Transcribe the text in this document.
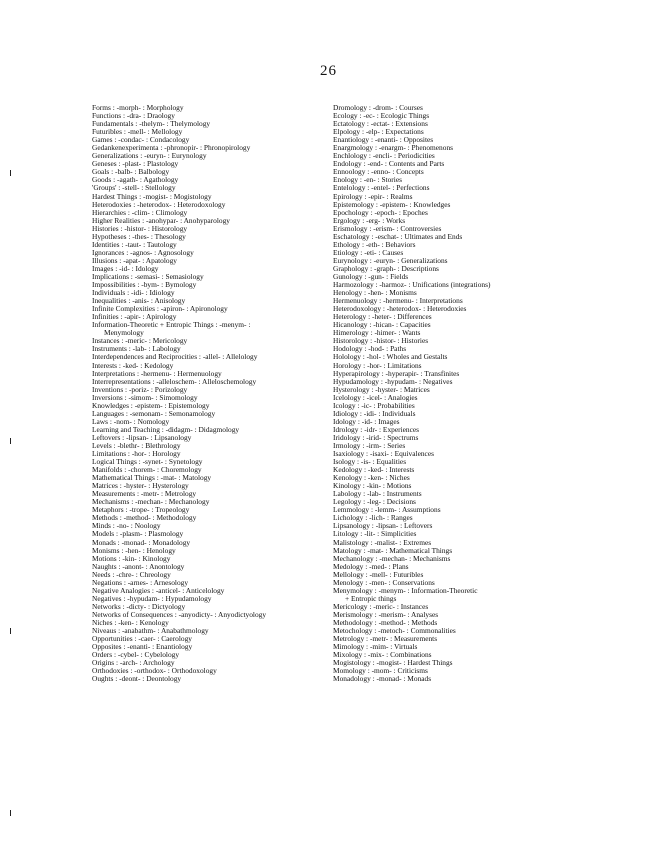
26
Forms : -morph- : Morphology
Functions : -dra- : Draology
Fundamentals : -thelym- : Thelymology
Futuribles : -mell- : Mellology
Games : -condac- : Condacology
Gedankenexperimenta : -phronopir- : Phronopirology
Generalizations : -euryn- : Eurynology
Geneses : -plast- : Plastology
Goals : -balb- : Balbology
Goods : -agath- : Agathology
'Groups' : -stell- : Stellology
Hardest Things : -mogist- : Mogistology
Heterodoxies : -heterodox- : Heterodoxology
Hierarchies : -clim- : Climology
Higher Realities : -anohypar- : Anohyparology
Histories : -histor- : Historology
Hypotheses : -thes- : Thesology
Identities : -taut- : Tautology
Ignorances : -agnos- : Agnosology
Illusions : -apat- : Apatology
Images : -id- : Idology
Implications : -semasi- : Semasiology
Impossibilities : -bym- : Bymology
Individuals : -idi- : Idiology
Inequalities : -anis- : Anisology
Infinite Complexities : -apiron- : Apironology
Infinities : -apir- : Apirology
Information-Theoretic + Entropic Things : -menym- :
Menymology
Instances : -meric- : Mericology
Instruments : -lab- : Labology
Interdependences and Reciprocities : -allel- : Allelology
Interests : -ked- : Kedology
Interpretations : -hermenu- : Hermenuology
Interrepresentations : -alleloschem- : Alleloschemology
Inventions : -poriz- : Porizology
Inversions : -simom- : Simomology
Knowledges : -epistem- : Epistemology
Languages : -semonam- : Semonamology
Laws : -nom- : Nomology
Learning and Teaching : -didagm- : Didagmology
Leftovers : -lipsan- : Lipsanology
Levels : -blethr- : Blethrology
Limitations : -hor- : Horology
Logical Things : -synet- : Synetology
Manifolds : -chorem- : Choremology
Mathematical Things : -mat- : Matology
Matrices : -hyster- : Hysterology
Measurements : -metr- : Metrology
Mechanisms : -mechan- : Mechanology
Metaphors : -trope- : Tropeology
Methods : -method- : Methodology
Minds : -no- : Noology
Models : -plasm- : Plasmology
Monads : -monad- : Monadology
Monisms : -hen- : Henology
Motions : -kin- : Kinology
Naughts : -anont- : Anontology
Needs : -chre- : Chreology
Negations : -arnes- : Arnesology
Negative Analogies : -anticel- : Anticelology
Negatives : -hypudam- : Hypudamology
Networks : -dicty- : Dictyology
Networks of Consequences : -anyodicty- : Anyodictyology
Niches : -ken- : Kenology
Niveaus : -anabathm- : Anabathmology
Opportunities : -caer- : Caerology
Opposites : -enanti- : Enantiology
Orders : -cybel- : Cybelology
Origins : -arch- : Archology
Orthodoxies : -orthodox- : Orthodoxology
Oughts : -deont- : Deontology
Dromology : -drom- : Courses
Ecology : -ec- : Ecologic Things
Ectatology : -ectat- : Extensions
Elpology : -elp- : Expectations
Enantiology : -enanti- : Opposites
Enargmology : -enargm- : Phenomenons
Enchlology : -encli- : Periodicities
Endology : -end- : Contents and Parts
Ennoology : -enno- : Concepts
Enology : -en- : Stories
Entelology : -entel- : Perfections
Epirology : -epir- : Realms
Epistemology : -epistem- : Knowledges
Epochology : -epoch- : Epoches
Ergology : -erg- : Works
Erismology : -erism- : Controversies
Eschatology : -eschat- : Ultimates and Ends
Ethology : -eth- : Behaviors
Etiology : -eti- : Causes
Eurynology : -euryn- : Generalizations
Graphology : -graph- : Descriptions
Gunology : -gun- : Fields
Harmozology : -harmoz- : Unifications (integrations)
Henology : -hen- : Monisms
Hermenuology : -hermenu- : Interpretations
Heterodoxology : -heterodox- : Heterodoxies
Heterology : -heter- : Differences
Hicanology : -hican- : Capacities
Himerology : -himer- : Wants
Historology : -histor- : Histories
Hodology : -hod- : Paths
Holology : -hol- : Wholes and Gestalts
Horology : -hor- : Limitations
Hyperapirology : -hyperapir- : Transfinites
Hypudamology : -hypudam- : Negatives
Hysterology : -hyster- : Matrices
Icelology : -icel- : Analogies
Icology : -ic- : Probabilities
Idiology : -idi- : Individuals
Idology : -id- : Images
Idrology : -idr- : Experiences
Iridology : -irid- : Spectrums
Irmology : -irm- : Series
Isaxiology : -isaxi- : Equivalences
Isology : -is- : Equalities
Kedology : -ked- : Interests
Kenology : -ken- : Niches
Kinology : -kin- : Motions
Labology : -lab- : Instruments
Legology : -leg- : Decisions
Lemmology : -lemm- : Assumptions
Lichology : -lich- : Ranges
Lipsanology : -lipsan- : Leftovers
Litology : -lit- : Simplicities
Malistology : -malist- : Extremes
Matology : -mat- : Mathematical Things
Mechanology : -mechan- : Mechanisms
Medology : -med- : Plans
Mellology : -mell- : Futuribles
Menology : -men- : Conservations
Menymology : -menym- : Information-Theoretic
+ Entropic things
Mericology : -meric- : Instances
Merismology : -merism- : Analyses
Methodology : -method- : Methods
Metochology : -metoch- : Commonalities
Metrology : -metr- : Measurements
Mimology : -mim- : Virtuals
Mixology : -mix- : Combinations
Mogistology : -mogist- : Hardest Things
Momology : -mom- : Criticisms
Monadology : -monad- : Monads
